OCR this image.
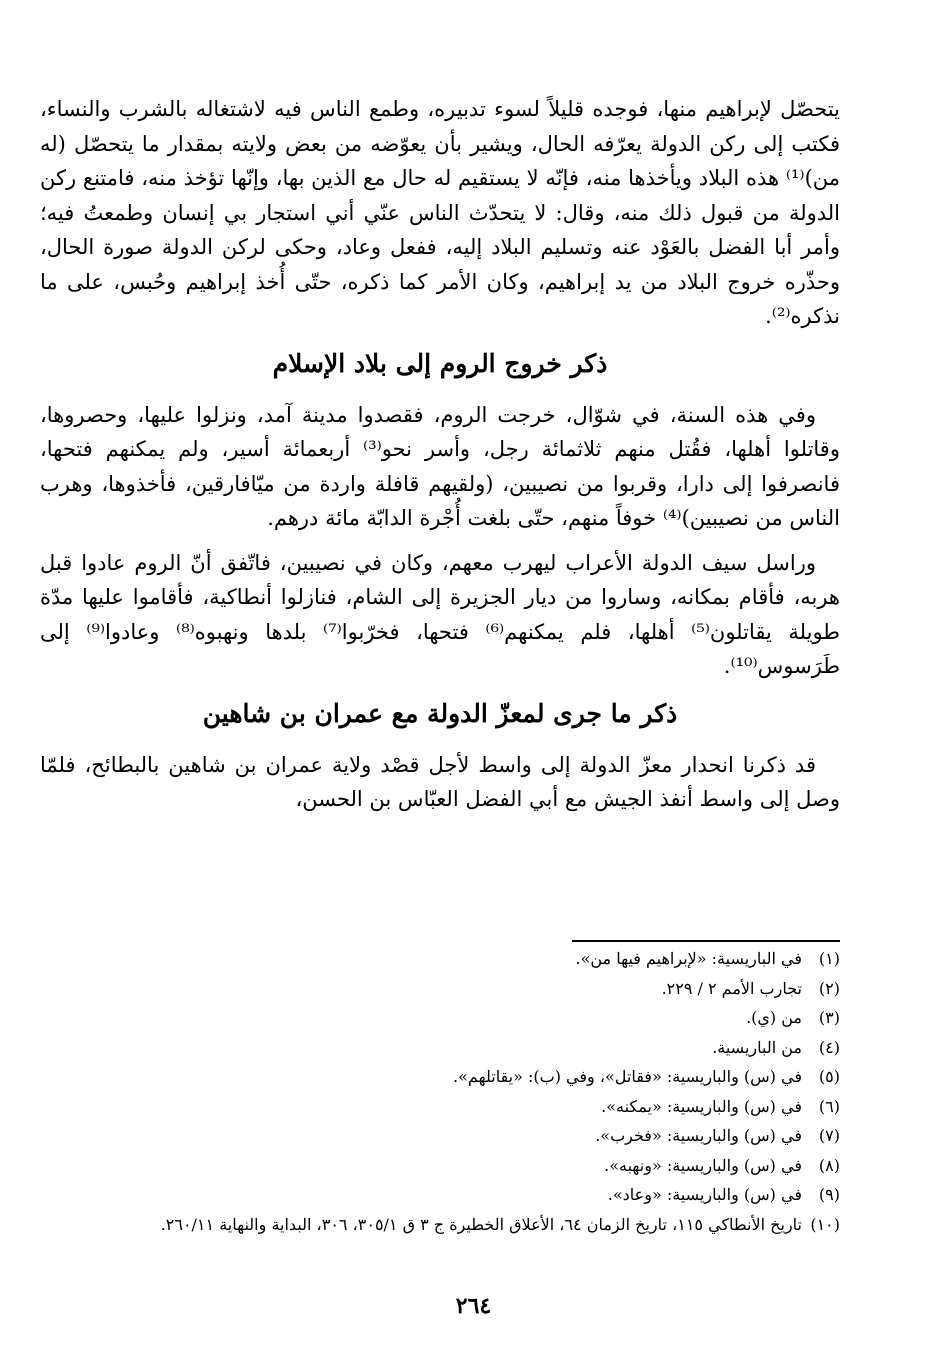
يتحصّل لإبراهيم منها، فوجده قليلاً لسوء تدبيره، وطمع الناس فيه لاشتغاله بالشرب والنساء، فكتب إلى ركن الدولة يعرّفه الحال، ويشير بأن يعوّضه من بعض ولايته بمقدار ما يتحصّل (له من)⁽¹⁾ هذه البلاد ويأخذها منه، فإنّه لا يستقيم له حال مع الذين بها، وإنّها تؤخذ منه، فامتنع ركن الدولة من قبول ذلك منه، وقال: لا يتحدّث الناس عنّي أني استجار بي إنسان وطمعتُ فيه؛ وأمر أبا الفضل بالعَوْد عنه وتسليم البلاد إليه، ففعل وعاد، وحكى لركن الدولة صورة الحال، وحذّره خروج البلاد من يد إبراهيم، وكان الأمر كما ذكره، حتّى أُخذ إبراهيم وحُبس، على ما نذكره⁽²⁾.

ذكر خروج الروم إلى بلاد الإسلام

وفي هذه السنة، في شوّال، خرجت الروم، فقصدوا مدينة آمد، ونزلوا عليها، وحصروها، وقاتلوا أهلها، فقُتل منهم ثلاثمائة رجل، وأسر نحو⁽³⁾ أربعمائة أسير، ولم يمكنهم فتحها، فانصرفوا إلى دارا، وقربوا من نصيبين، (ولقيهم قافلة واردة من ميّافارقين، فأخذوها، وهرب الناس من نصيبين)⁽⁴⁾ خوفاً منهم، حتّى بلغت أُجْرة الدابّة مائة درهم.

وراسل سيف الدولة الأعراب ليهرب معهم، وكان في نصيبين، فاتّفق أنّ الروم عادوا قبل هربه، فأقام بمكانه، وساروا من ديار الجزيرة إلى الشام، فنازلوا أنطاكية، فأقاموا عليها مدّة طويلة يقاتلون⁽⁵⁾ أهلها، فلم يمكنهم⁽⁶⁾ فتحها، فخرّبوا⁽⁷⁾ بلدها ونهبوه⁽⁸⁾ وعادوا⁽⁹⁾ إلى طَرَسوس⁽¹⁰⁾.

ذكر ما جرى لمعزّ الدولة مع عمران بن شاهين

قد ذكرنا انحدار معزّ الدولة إلى واسط لأجل قصْد ولاية عمران بن شاهين بالبطائح، فلمّا وصل إلى واسط أنفذ الجيش مع أبي الفضل العبّاس بن الحسن،

(١)
في الباريسية: «لإبراهيم فيها من».
(٢)
تجارب الأمم ٢ / ٢٢٩.
(٣)
من (ي).
(٤)
من الباريسية.
(٥)
في (س) والباريسية: «فقاتل»، وفي (ب): «يقاتلهم».
(٦)
في (س) والباريسية: «يمكنه».
(٧)
في (س) والباريسية: «فخرب».
(٨)
في (س) والباريسية: «ونهبه».
(٩)
في (س) والباريسية: «وعاد».
(١٠)
تاريخ الأنطاكي ١١٥، تاريخ الزمان ٦٤، الأعلاق الخطيرة ج ٣ ق ٣٠٥/١، ٣٠٦، البداية والنهاية ٢٦٠/١١.
٢٦٤
